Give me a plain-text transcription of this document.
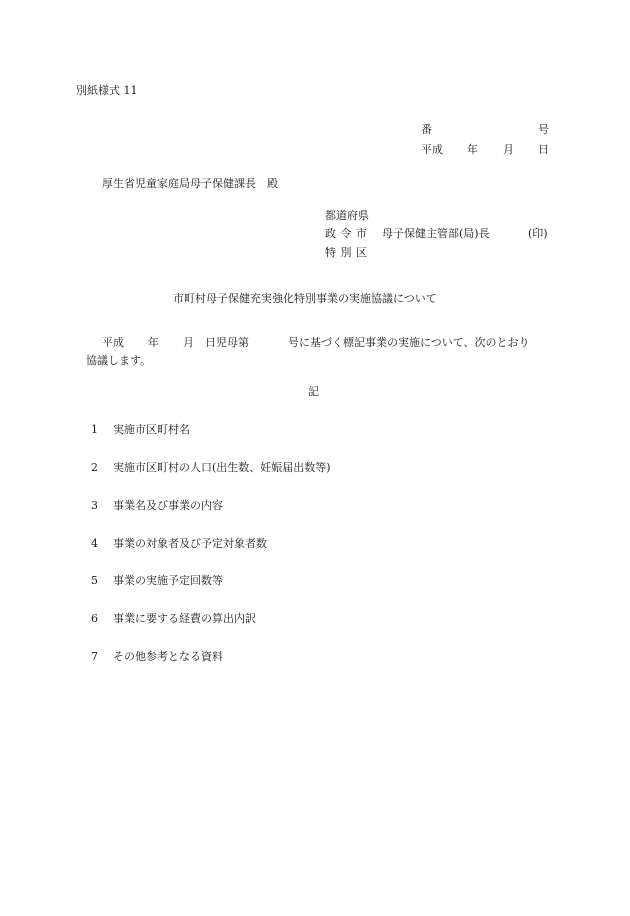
別紙様式 11
番	号
平成 年 月 日
厚生省児童家庭局母子保健課長　殿
都道府県
政 令 市 母子保健主管部(局)長	(印)
特 別 区
市町村母子保健充実強化特別事業の実施協議について
平成 年 月 日児母第	号に基づく標記事業の実施について、次のとおり
協議します。
記
1 実施市区町村名
2 実施市区町村の人口(出生数、妊娠届出数等)
3 事業名及び事業の内容
4 事業の対象者及び予定対象者数
5 事業の実施予定回数等
6 事業に要する経費の算出内訳
7 その他参考となる資料
